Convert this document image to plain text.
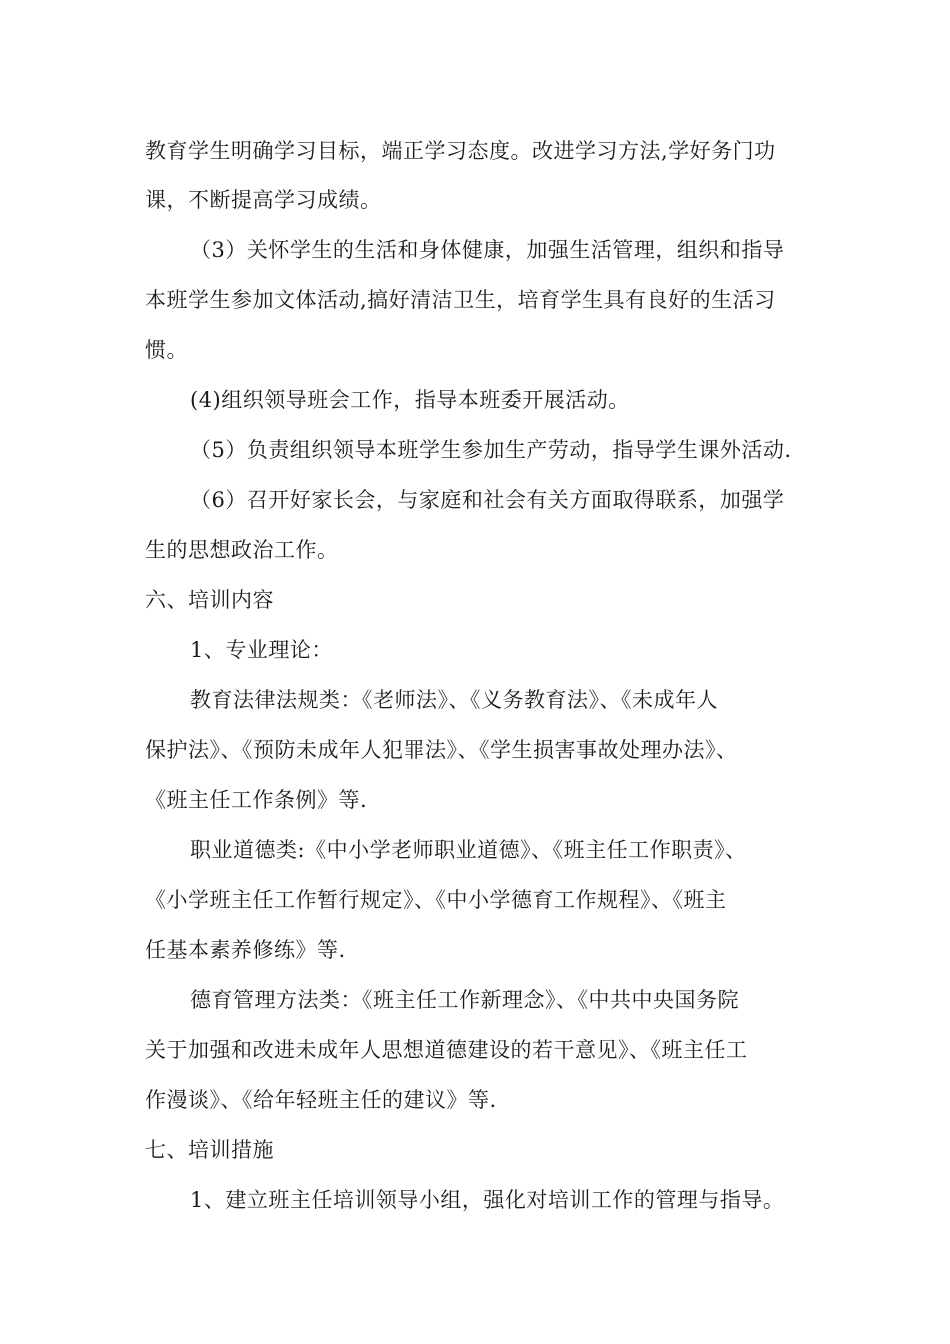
教育学生明确学习目标，端正学习态度。改进学习方法,学好务门功
课，不断提高学习成绩。
（3）关怀学生的生活和身体健康，加强生活管理，组织和指导
本班学生参加文体活动,搞好清洁卫生，培育学生具有良好的生活习
惯。
(4)组织领导班会工作，指导本班委开展活动。
（5）负责组织领导本班学生参加生产劳动，指导学生课外活动.
（6）召开好家长会，与家庭和社会有关方面取得联系，加强学
生的思想政治工作。
六、培训内容
1、专业理论：
教育法律法规类：《老师法》、《义务教育法》、《未成年人
保护法》、《预防未成年人犯罪法》、《学生损害事故处理办法》、
《班主任工作条例》等.
职业道德类:《中小学老师职业道德》、《班主任工作职责》、
《小学班主任工作暂行规定》、《中小学德育工作规程》、《班主
任基本素养修练》等.
德育管理方法类：《班主任工作新理念》、《中共中央国务院
关于加强和改进未成年人思想道德建设的若干意见》、《班主任工
作漫谈》、《给年轻班主任的建议》等.
七、培训措施
1、建立班主任培训领导小组，强化对培训工作的管理与指导。
